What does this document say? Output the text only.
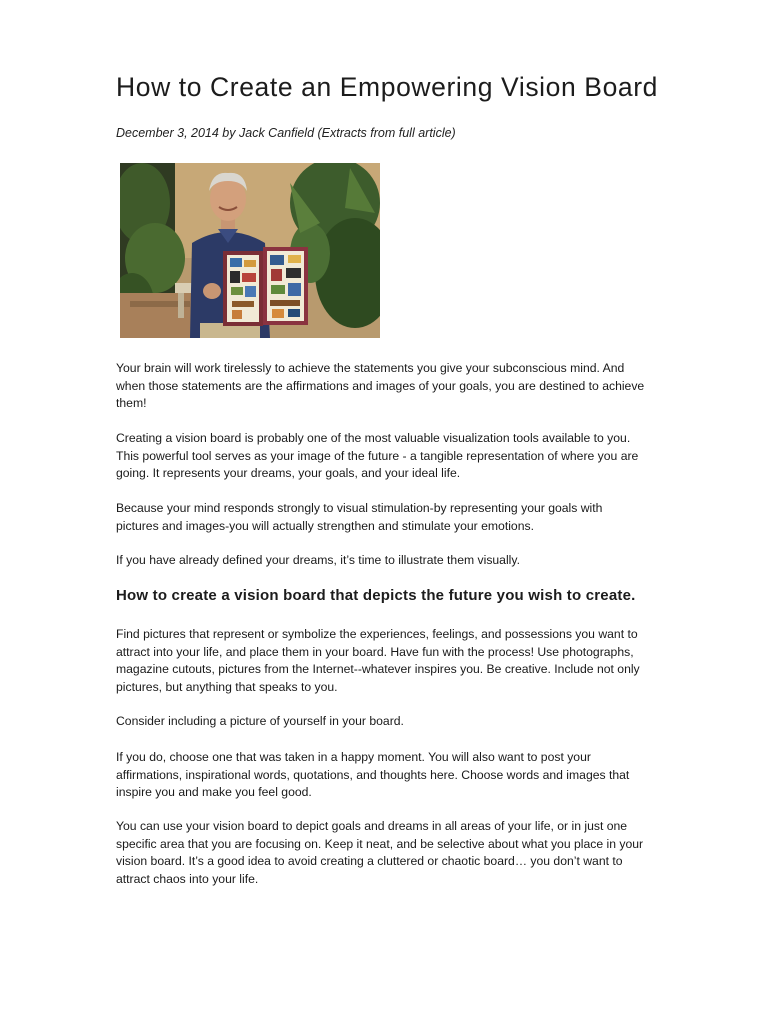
How to Create an Empowering Vision Board

December 3, 2014 by Jack Canfield (Extracts from full article)

Your brain will work tirelessly to achieve the statements you give your subconscious mind. And when those statements are the affirmations and images of your goals, you are destined to achieve them!

Creating a vision board is probably one of the most valuable visualization tools available to you. This powerful tool serves as your image of the future - a tangible representation of where you are going. It represents your dreams, your goals, and your ideal life.

Because your mind responds strongly to visual stimulation-by representing your goals with pictures and images-you will actually strengthen and stimulate your emotions.

If you have already defined your dreams, it’s time to illustrate them visually.

How to create a vision board that depicts the future you wish to create.

Find pictures that represent or symbolize the experiences, feelings, and possessions you want to attract into your life, and place them in your board. Have fun with the process! Use photographs, magazine cutouts, pictures from the Internet--whatever inspires you. Be creative. Include not only pictures, but anything that speaks to you.

Consider including a picture of yourself in your board.

If you do, choose one that was taken in a happy moment. You will also want to post your affirmations, inspirational words, quotations, and thoughts here. Choose words and images that inspire you and make you feel good.

You can use your vision board to depict goals and dreams in all areas of your life, or in just one specific area that you are focusing on. Keep it neat, and be selective about what you place in your vision board. It’s a good idea to avoid creating a cluttered or chaotic board… you don’t want to attract chaos into your life.
